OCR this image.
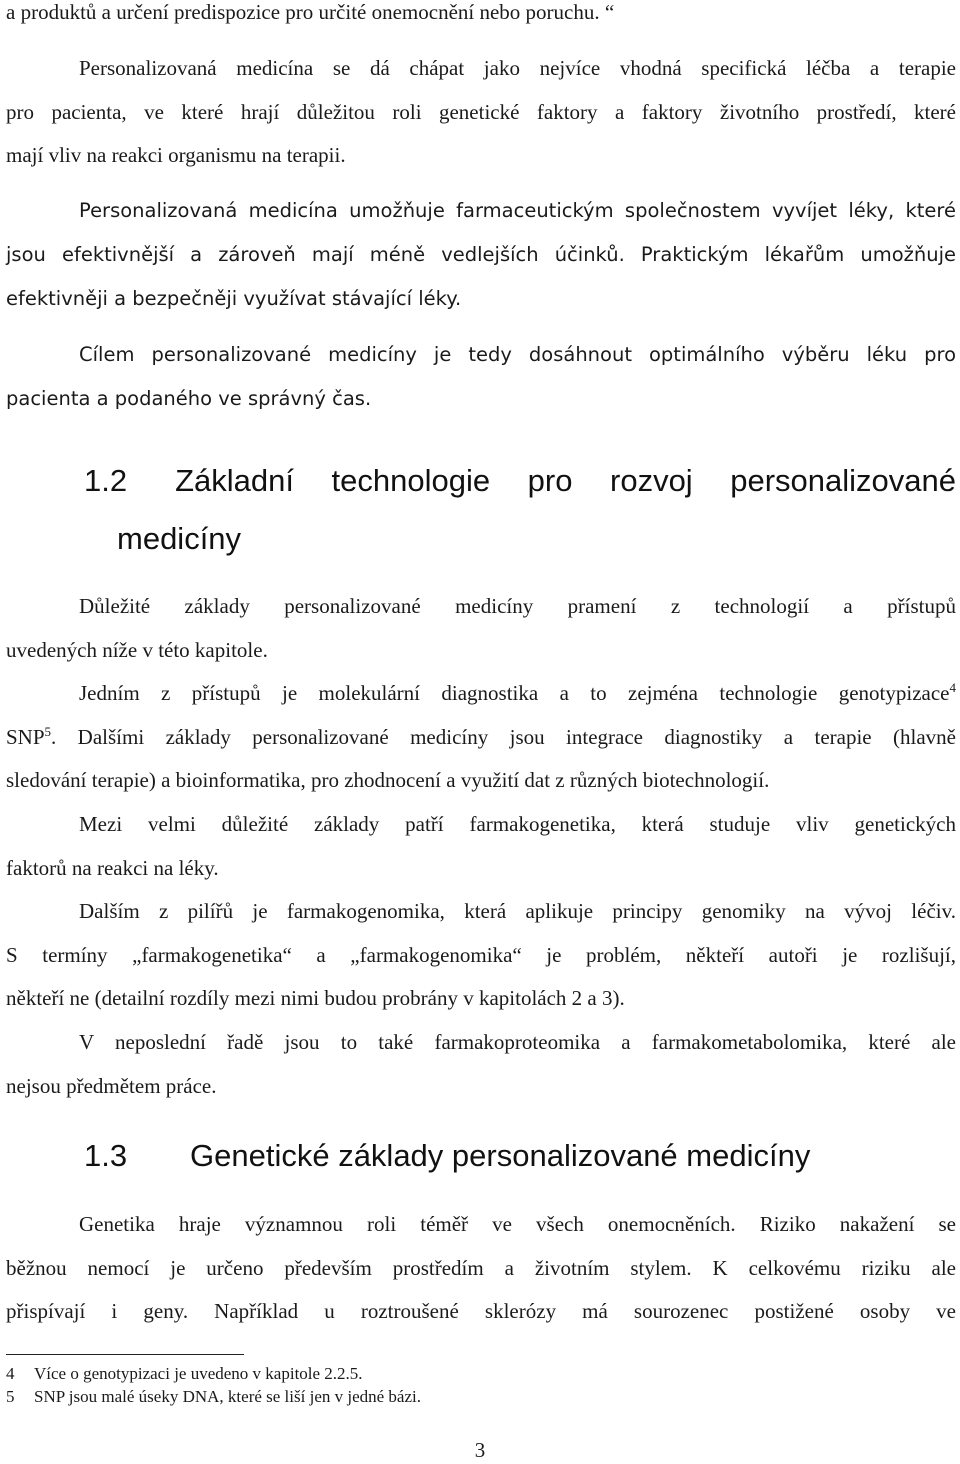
a produktů a určení predispozice pro určité onemocnění nebo poruchu. “
Personalizovaná medicína se dá chápat jako nejvíce vhodná specifická léčba a terapie
pro pacienta, ve které hrají důležitou roli genetické faktory a faktory životního prostředí, které
mají vliv na reakci organismu na terapii.
Personalizovaná medicína umožňuje farmaceutickým společnostem vyvíjet léky, které
jsou efektivnější a zároveň mají méně vedlejších účinků. Praktickým lékařům umožňuje
efektivněji a bezpečněji využívat stávající léky.
Cílem personalizované medicíny je tedy dosáhnout optimálního výběru léku pro
pacienta a podaného ve správný čas.
1.2 Základní technologie pro rozvoj personalizované
medicíny
Důležité základy personalizované medicíny pramení z technologií a přístupů
uvedených níže v této kapitole.
Jedním z přístupů je molekulární diagnostika a to zejména technologie genotypizace$^4$
SNP$^5$. Dalšími základy personalizované medicíny jsou integrace diagnostiky a terapie (hlavně
sledování terapie) a bioinformatika, pro zhodnocení a využití dat z různých biotechnologií.
Mezi velmi důležité základy patří farmakogenetika, která studuje vliv genetických
faktorů na reakci na léky.
Dalším z pilířů je farmakogenomika, která aplikuje principy genomiky na vývoj léčiv.
S termíny „farmakogenetika“ a „farmakogenomika“ je problém, někteří autoři je rozlišují,
někteří ne (detailní rozdíly mezi nimi budou probrány v kapitolách 2 a 3).
V neposlední řadě jsou to také farmakoproteomika a farmakometabolomika, které ale
nejsou předmětem práce.
1.3 Genetické základy personalizované medicíny
Genetika hraje významnou roli téměř ve všech onemocněních. Riziko nakažení se
běžnou nemocí je určeno především prostředím a životním stylem. K celkovému riziku ale
přispívají i geny. Například u roztroušené sklerózy má sourozenec postižené osoby ve
4 Více o genotypizaci je uvedeno v kapitole 2.2.5.
5 SNP jsou malé úseky DNA, které se liší jen v jedné bázi.
3
